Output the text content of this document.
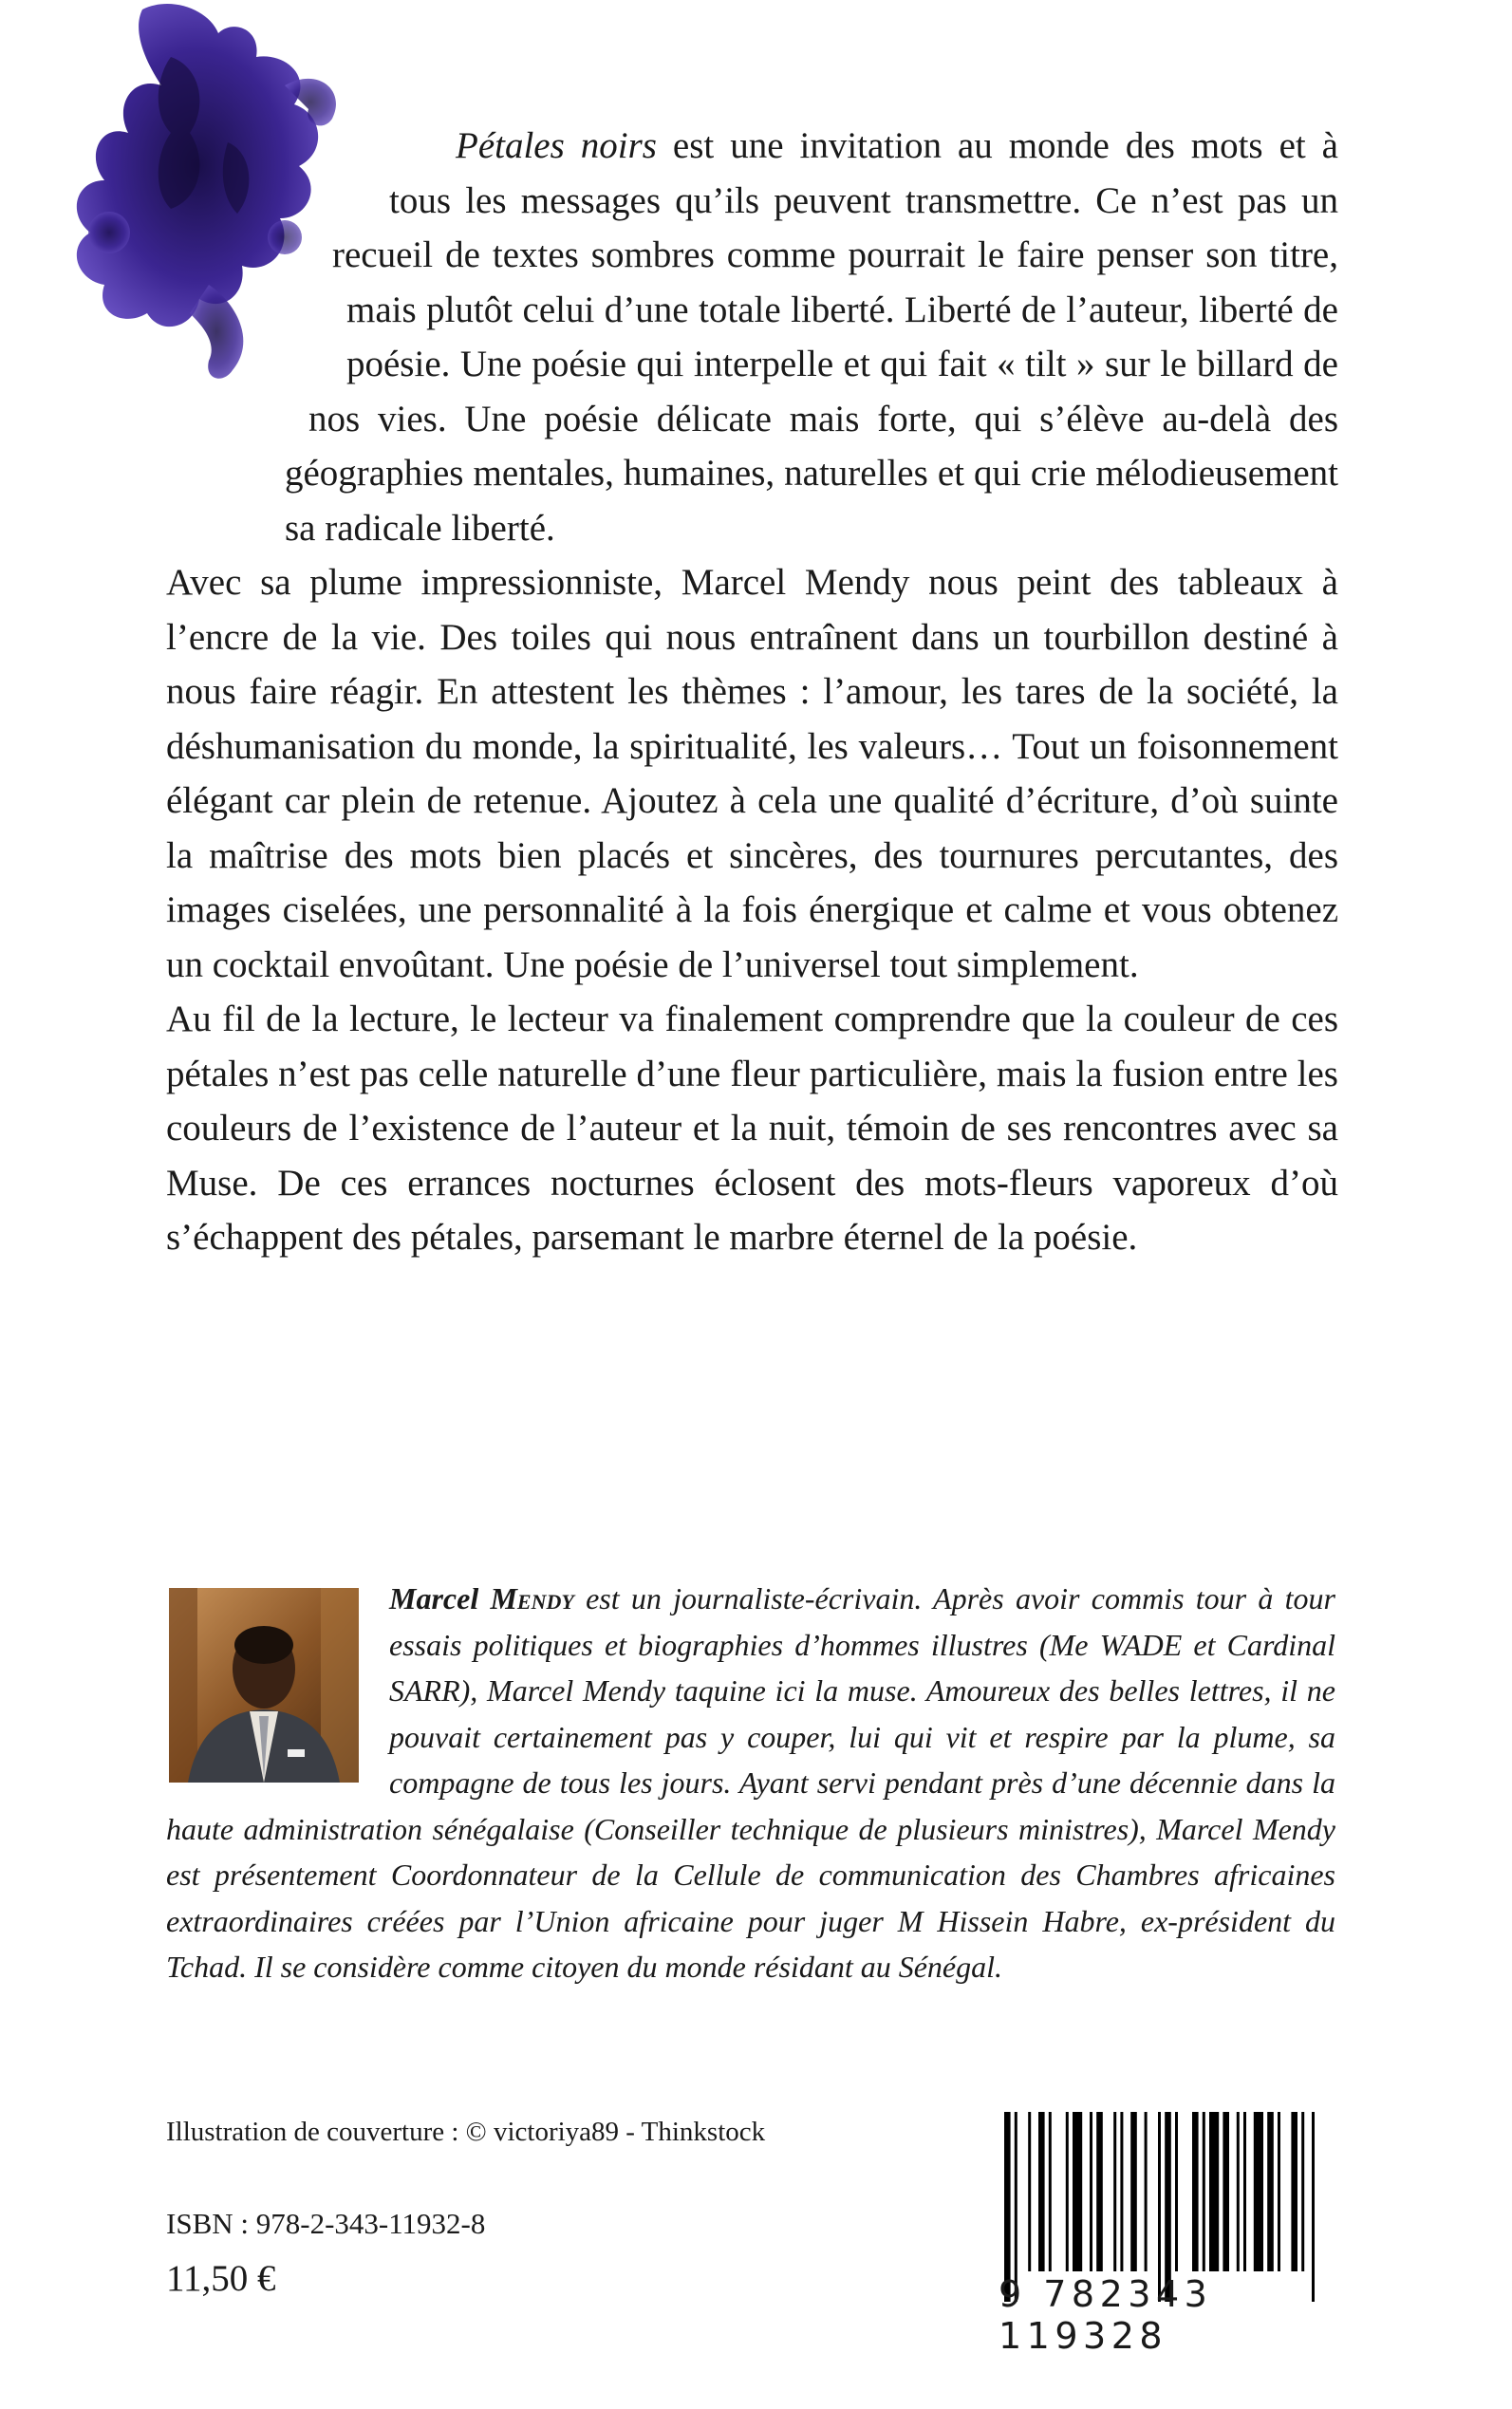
Pétales noirs est une invitation au monde des mots et à tous les messages qu’ils peuvent transmettre. Ce n’est pas un recueil de textes sombres comme pourrait le faire penser son titre, mais plutôt celui d’une totale liberté. Liberté de l’auteur, liberté de poésie. Une poésie qui interpelle et qui fait « tilt » sur le billard de nos vies. Une poésie délicate mais forte, qui s’élève au-delà des géographies mentales, humaines, naturelles et qui crie mélodieusement sa radicale liberté.

Avec sa plume impressionniste, Marcel Mendy nous peint des tableaux à l’encre de la vie. Des toiles qui nous entraînent dans un tourbillon destiné à nous faire réagir. En attestent les thèmes : l’amour, les tares de la société, la déshumanisation du monde, la spiritualité, les valeurs… Tout un foisonnement élégant car plein de retenue. Ajoutez à cela une qualité d’écriture, d’où suinte la maîtrise des mots bien placés et sincères, des tournures percutantes, des images ciselées, une personnalité à la fois énergique et calme et vous obtenez un cocktail envoûtant. Une poésie de l’universel tout simplement.

Au fil de la lecture, le lecteur va finalement comprendre que la couleur de ces pétales n’est pas celle naturelle d’une fleur particulière, mais la fusion entre les couleurs de l’existence de l’auteur et la nuit, témoin de ses rencontres avec sa Muse. De ces errances nocturnes éclosent des mots-fleurs vaporeux d’où s’échappent des pétales, parsemant le marbre éternel de la poésie.

Marcel Mendy est un journaliste-écrivain. Après avoir commis tour à tour essais politiques et biographies d’hommes illustres (Me WADE et Cardinal SARR), Marcel Mendy taquine ici la muse. Amoureux des belles lettres, il ne pouvait certainement pas y couper, lui qui vit et respire par la plume, sa compagne de tous les jours. Ayant servi pendant près d’une décennie dans la haute administration sénégalaise (Conseiller technique de plusieurs ministres), Marcel Mendy est présentement Coordonnateur de la Cellule de communication des Chambres africaines extraordinaires créées par l’Union africaine pour juger M Hissein Habre, ex-président du Tchad. Il se considère comme citoyen du monde résidant au Sénégal.
Illustration de couverture : © victoriya89 - Thinkstock
ISBN : 978-2-343-11932-8
11,50 €	9 782343 119328
